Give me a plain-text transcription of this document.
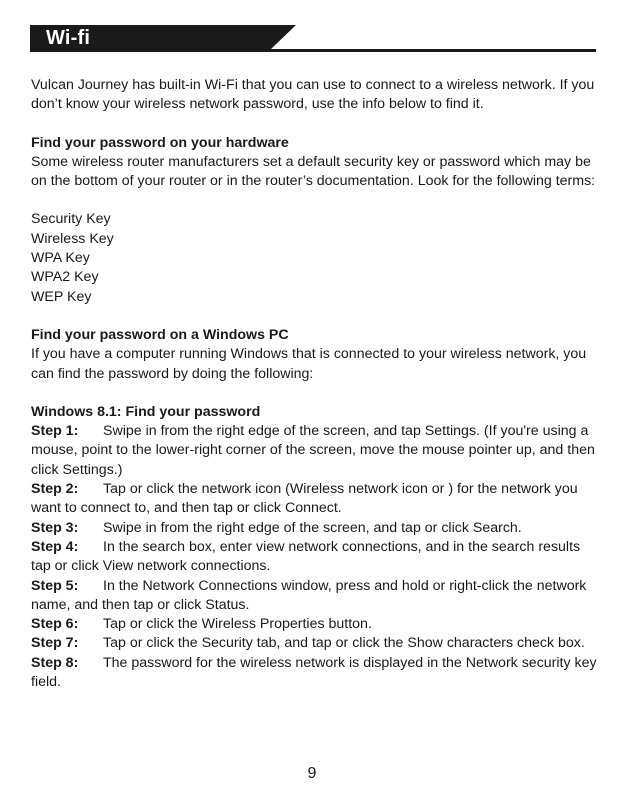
Wi-fi

Vulcan Journey has built-in Wi-Fi that you can use to connect to a wireless network. If you don’t know your wireless network password, use the info below to find it.

Find your password on your hardware

Some wireless router manufacturers set a default security key or password which may be on the bottom of your router or in the router’s documentation. Look for the following terms:

Security Key

Wireless Key

WPA Key

WPA2 Key

WEP Key

Find your password on a Windows PC

If you have a computer running Windows that is connected to your wireless network, you can find the password by doing the following:

Windows 8.1: Find your password

Step 1: Swipe in from the right edge of the screen, and tap Settings. (If you're using a mouse, point to the lower-right corner of the screen, move the mouse pointer up, and then click Settings.)

Step 2: Tap or click the network icon (Wireless network icon or ) for the network you want to connect to, and then tap or click Connect.

Step 3: Swipe in from the right edge of the screen, and tap or click Search.

Step 4: In the search box, enter view network connections, and in the search results tap or click View network connections.

Step 5: In the Network Connections window, press and hold or right-click the network name, and then tap or click Status.

Step 6: Tap or click the Wireless Properties button.

Step 7: Tap or click the Security tab, and tap or click the Show characters check box.

Step 8: The password for the wireless network is displayed in the Network security key field.

9
